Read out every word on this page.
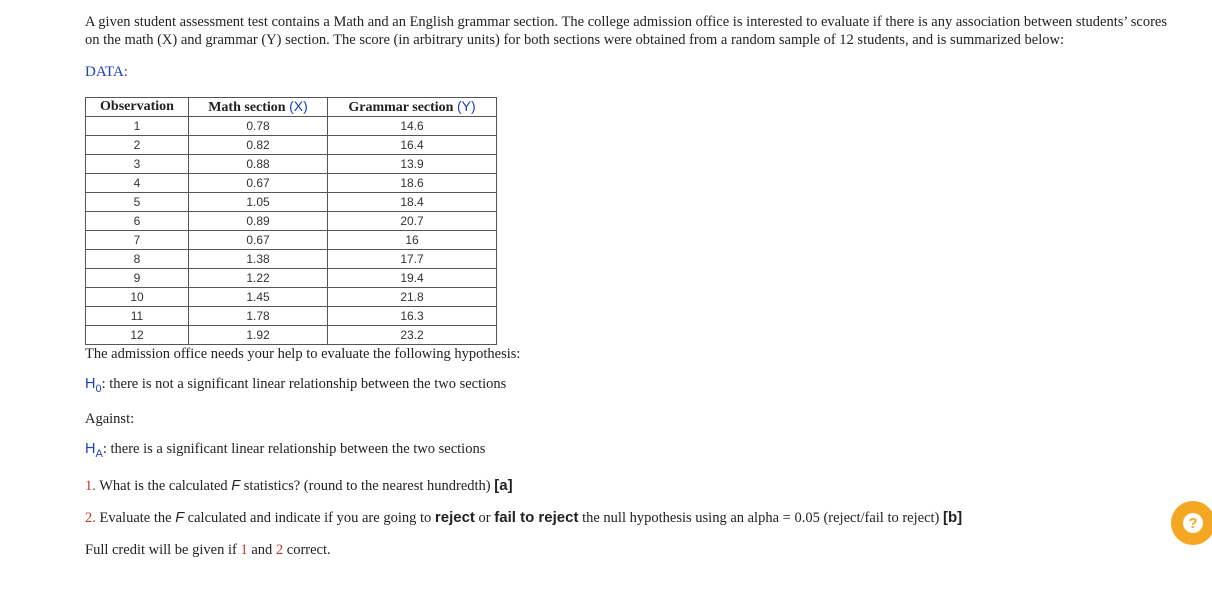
A given student assessment test contains a Math and an English grammar section. The college admission office is interested to evaluate if there is any association between students’ scores on the math (X) and grammar (Y) section. The score (in arbitrary units) for both sections were obtained from a random sample of 12 students, and is summarized below:

DATA:
Observation	Math section (X)	Grammar section (Y)
1	0.78	14.6
2	0.82	16.4
3	0.88	13.9
4	0.67	18.6
5	1.05	18.4
6	0.89	20.7
7	0.67	16
8	1.38	17.7
9	1.22	19.4
10	1.45	21.8
11	1.78	16.3
12	1.92	23.2

The admission office needs your help to evaluate the following hypothesis:

$H_0$: there is not a significant linear relationship between the two sections

Against:

$H_A$: there is a significant linear relationship between the two sections

1. What is the calculated F statistics? (round to the nearest hundredth) [a]

2. Evaluate the F calculated and indicate if you are going to reject or fail to reject the null hypothesis using an alpha = 0.05 (reject/fail to reject) [b]

Full credit will be given if 1 and 2 correct.

?
